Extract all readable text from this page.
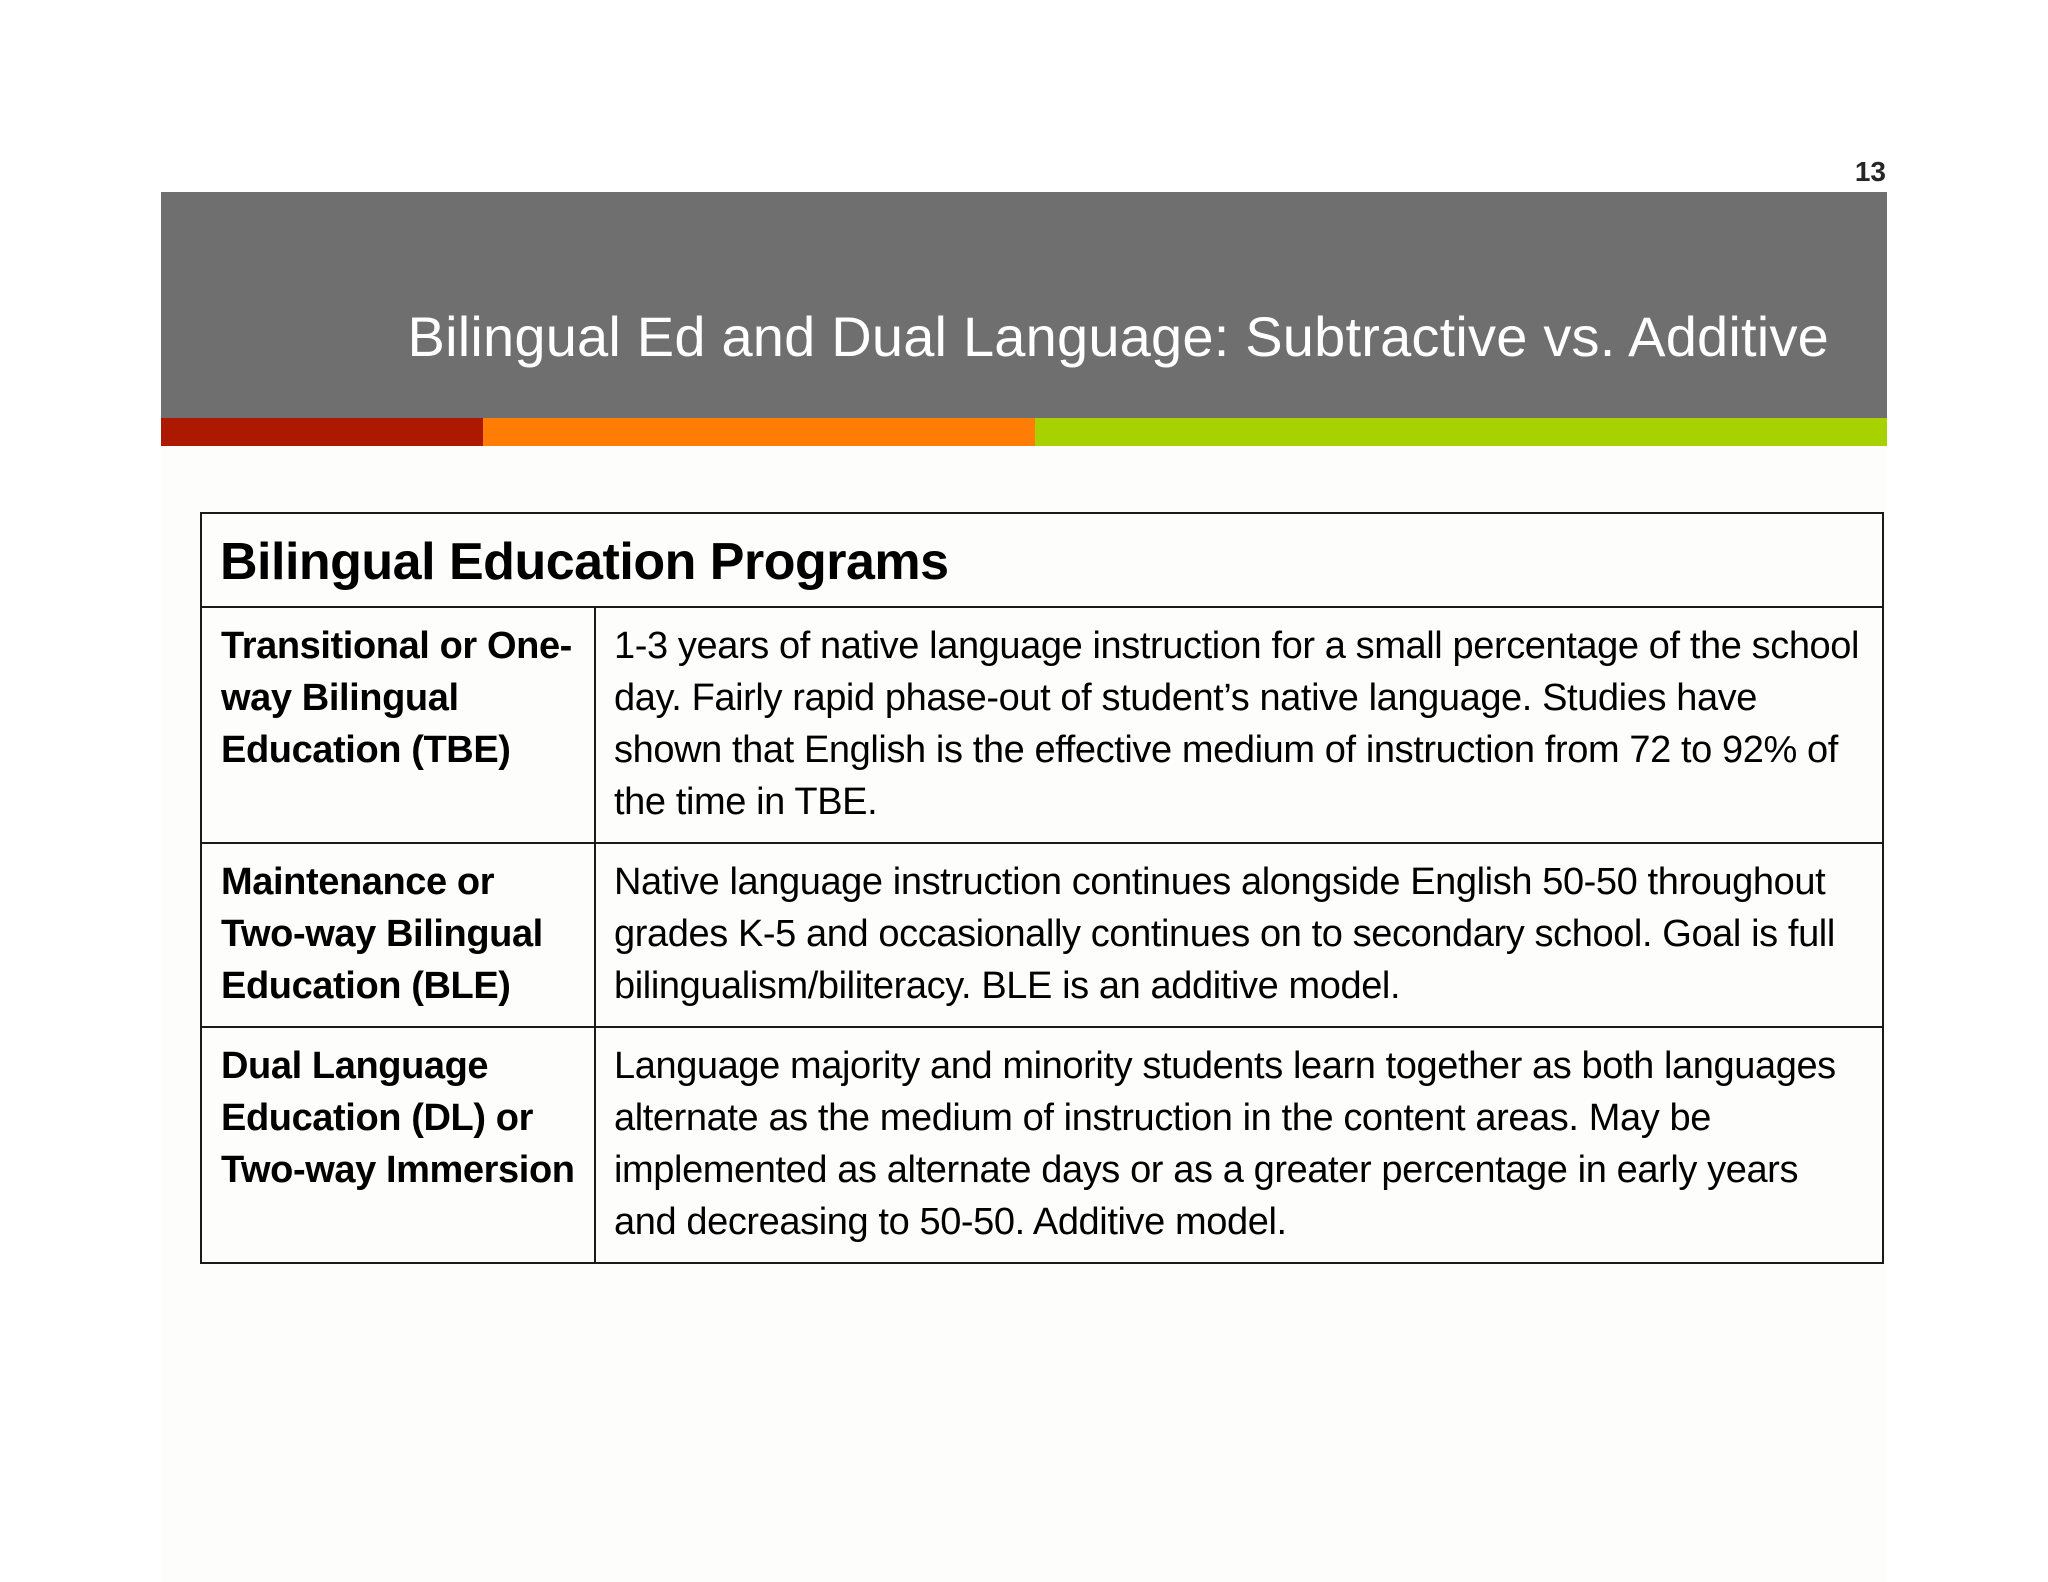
13
Bilingual Ed and Dual Language: Subtractive vs. Additive
Bilingual Education Programs	
Transitional or One-way Bilingual Education (TBE)	1-3 years of native language instruction for a small percentage of the school day. Fairly rapid phase-out of student’s native language. Studies have shown that English is the effective medium of instruction from 72 to 92% of the time in TBE.
Maintenance or Two-way Bilingual Education (BLE)	Native language instruction continues alongside English 50-50 throughout grades K-5 and occasionally continues on to secondary school. Goal is full bilingualism/biliteracy. BLE is an additive model.
Dual Language Education (DL) or Two-way Immersion	Language majority and minority students learn together as both languages alternate as the medium of instruction in the content areas. May be implemented as alternate days or as a greater percentage in early years and decreasing to 50-50. Additive model.
